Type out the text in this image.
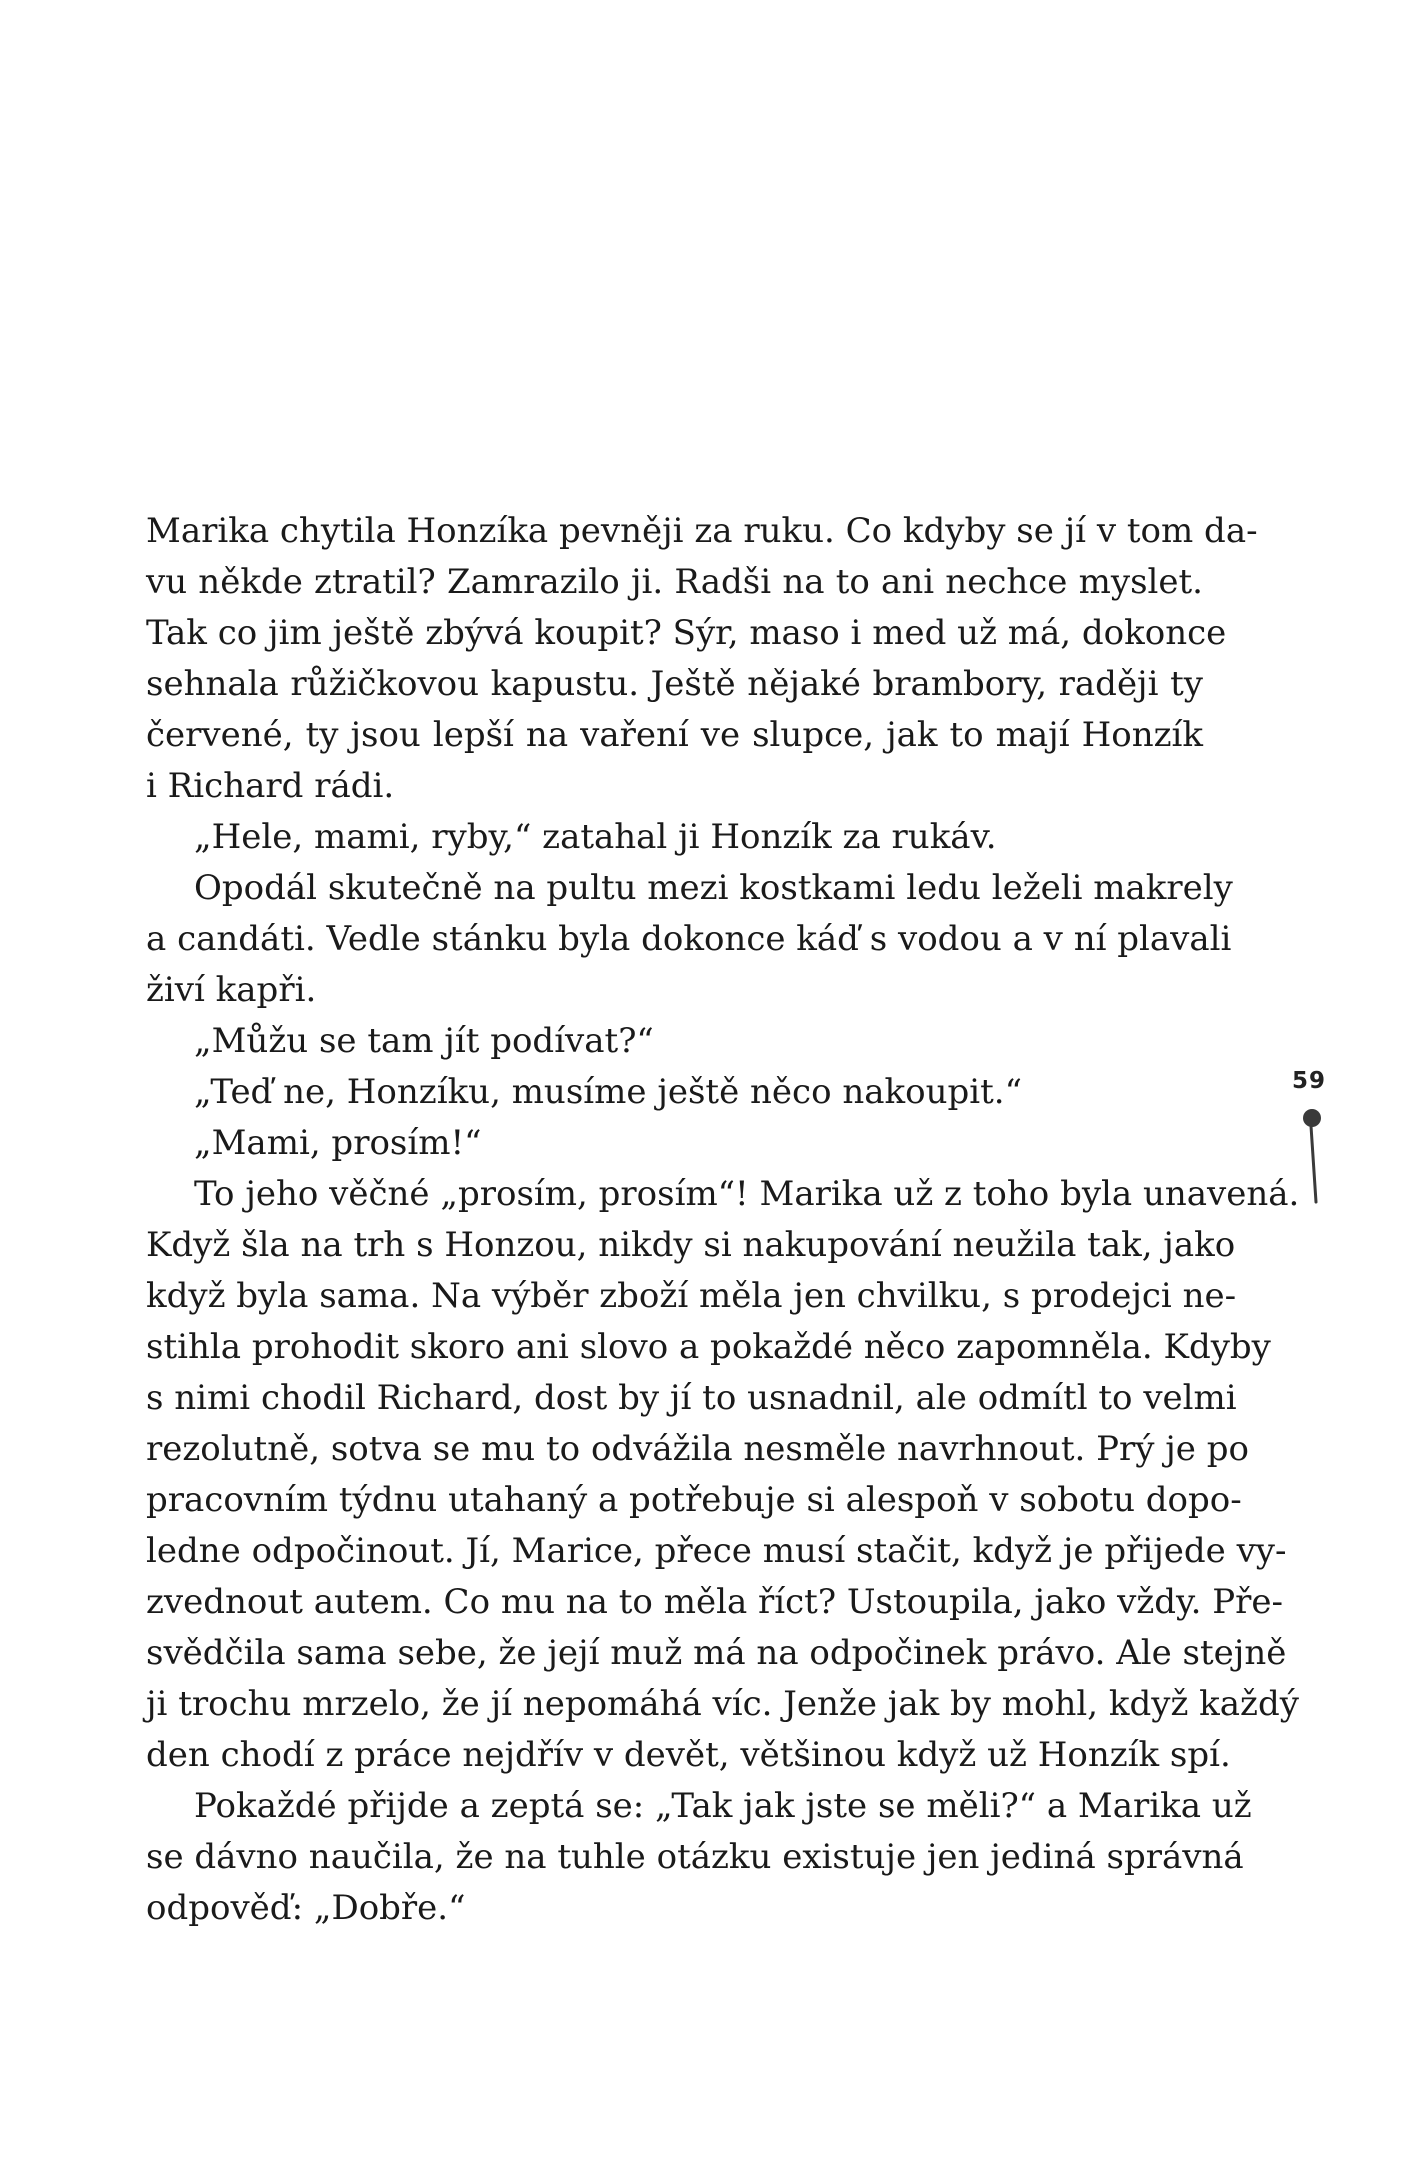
Marika chytila Honzíka pevněji za ruku. Co kdyby se jí v tom da-
vu někde ztratil? Zamrazilo ji. Radši na to ani nechce myslet.
Tak co jim ještě zbývá koupit? Sýr, maso i med už má, dokonce
sehnala růžičkovou kapustu. Ještě nějaké brambory, raději ty
červené, ty jsou lepší na vaření ve slupce, jak to mají Honzík
i Richard rádi.
„Hele, mami, ryby,“ zatahal ji Honzík za rukáv.
Opodál skutečně na pultu mezi kostkami ledu leželi makrely
a candáti. Vedle stánku byla dokonce káď s vodou a v ní plavali
živí kapři.
„Můžu se tam jít podívat?“
„Teď ne, Honzíku, musíme ještě něco nakoupit.“
„Mami, prosím!“
To jeho věčné „prosím, prosím“! Marika už z toho byla unavená.
Když šla na trh s Honzou, nikdy si nakupování neužila tak, jako
když byla sama. Na výběr zboží měla jen chvilku, s prodejci ne-
stihla prohodit skoro ani slovo a pokaždé něco zapomněla. Kdyby
s nimi chodil Richard, dost by jí to usnadnil, ale odmítl to velmi
rezolutně, sotva se mu to odvážila nesměle navrhnout. Prý je po
pracovním týdnu utahaný a potřebuje si alespoň v sobotu dopo-
ledne odpočinout. Jí, Marice, přece musí stačit, když je přijede vy-
zvednout autem. Co mu na to měla říct? Ustoupila, jako vždy. Pře-
svědčila sama sebe, že její muž má na odpočinek právo. Ale stejně
ji trochu mrzelo, že jí nepomáhá víc. Jenže jak by mohl, když každý
den chodí z práce nejdřív v devět, většinou když už Honzík spí.
Pokaždé přijde a zeptá se: „Tak jak jste se měli?“ a Marika už
se dávno naučila, že na tuhle otázku existuje jen jediná správná
odpověď: „Dobře.“
59
